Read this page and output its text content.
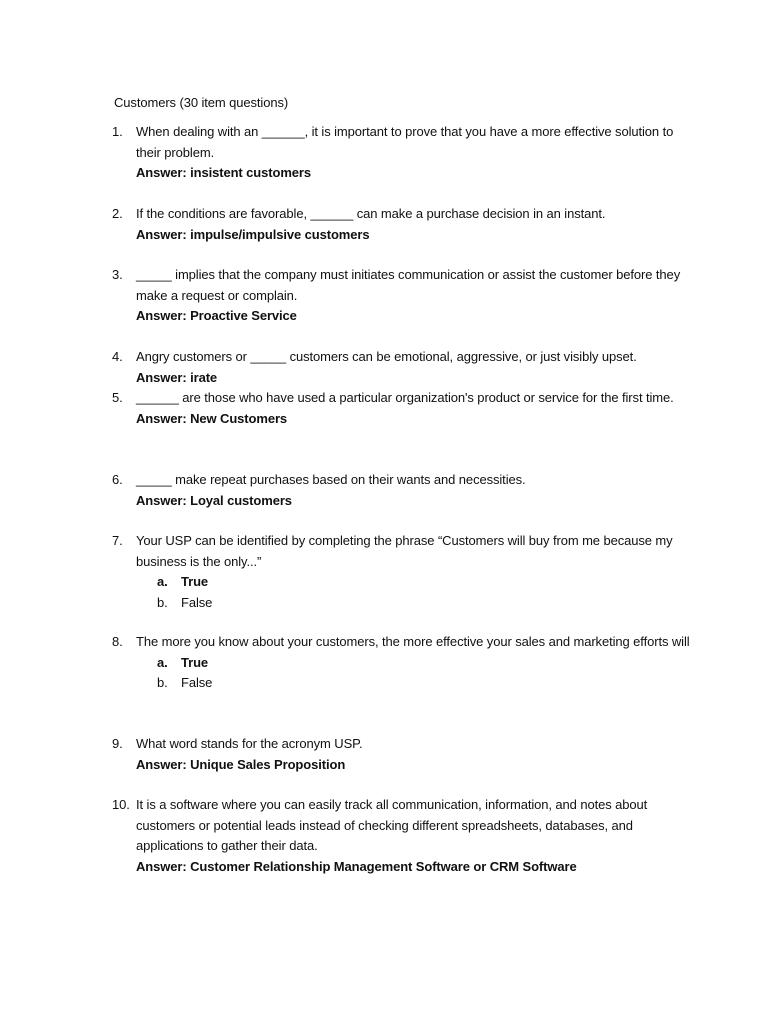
Customers (30 item questions)
1. When dealing with an ______, it is important to prove that you have a more effective solution to their problem.
Answer: insistent customers
2. If the conditions are favorable, ______ can make a purchase decision in an instant.
Answer: impulse/impulsive customers
3. _____ implies that the company must initiates communication or assist the customer before they make a request or complain.
Answer: Proactive Service
4. Angry customers or _____ customers can be emotional, aggressive, or just visibly upset.
Answer: irate
5. ______ are those who have used a particular organization's product or service for the first time.
Answer: New Customers
6. _____ make repeat purchases based on their wants and necessities.
Answer: Loyal customers
7. Your USP can be identified by completing the phrase “Customers will buy from me because my business is the only...”
a. True
b. False
8. The more you know about your customers, the more effective your sales and marketing efforts will
a. True
b. False
9. What word stands for the acronym USP.
Answer: Unique Sales Proposition
10. It is a software where you can easily track all communication, information, and notes about customers or potential leads instead of checking different spreadsheets, databases, and applications to gather their data.
Answer: Customer Relationship Management Software or CRM Software
